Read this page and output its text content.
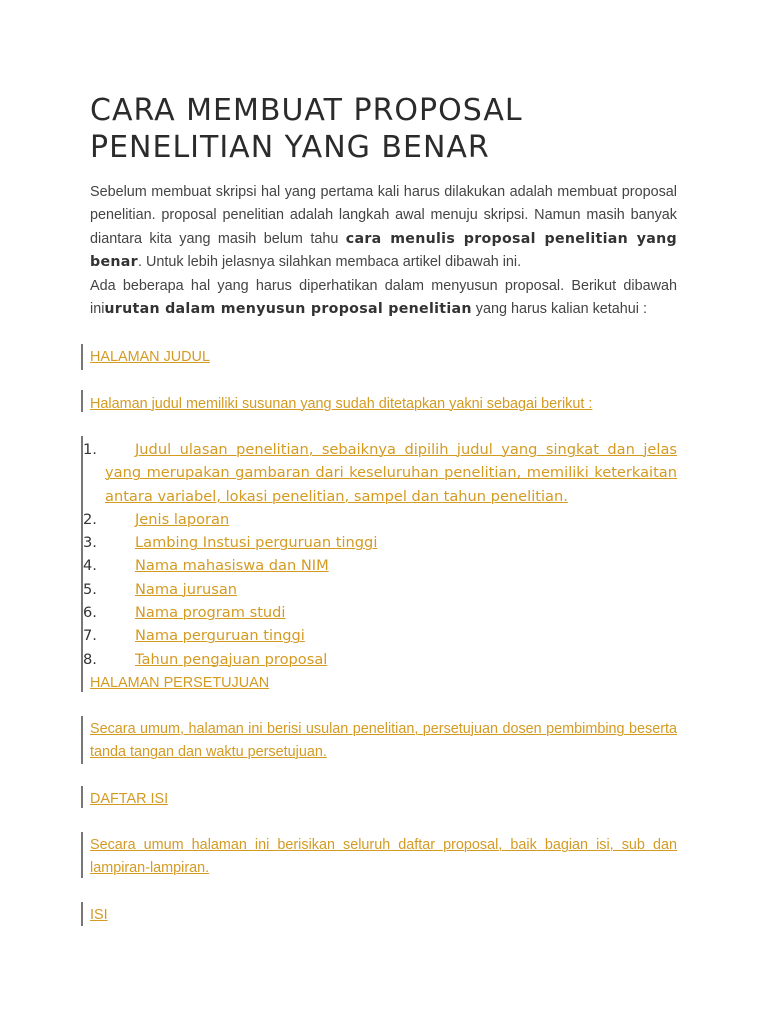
CARA MEMBUAT PROPOSAL
PENELITIAN YANG BENAR

Sebelum membuat skripsi hal yang pertama kali harus dilakukan adalah membuat proposal penelitian. proposal penelitian adalah langkah awal menuju skripsi. Namun masih banyak diantara kita yang masih belum tahu cara menulis proposal penelitian yang benar. Untuk lebih jelasnya silahkan membaca artikel dibawah ini.
Ada beberapa hal yang harus diperhatikan dalam menyusun proposal. Berikut dibawah iniurutan dalam menyusun proposal penelitian yang harus kalian ketahui :

HALAMAN JUDUL

Halaman judul memiliki susunan yang sudah ditetapkan yakni sebagai berikut :

1.	Judul ulasan penelitian, sebaiknya dipilih judul yang singkat dan jelas yang merupakan gambaran dari keseluruhan penelitian, memiliki keterkaitan antara variabel, lokasi penelitian, sampel dan tahun penelitian.
2.	Jenis laporan
3.	Lambing Instusi perguruan tinggi
4.	Nama mahasiswa dan NIM
5.	Nama jurusan
6.	Nama program studi
7.	Nama perguruan tinggi
8.	Tahun pengajuan proposal

HALAMAN PERSETUJUAN

Secara umum, halaman ini berisi usulan penelitian, persetujuan dosen pembimbing beserta tanda tangan dan waktu persetujuan.

DAFTAR ISI

Secara umum halaman ini berisikan seluruh daftar proposal, baik bagian isi, sub dan lampiran-lampiran.

ISI
